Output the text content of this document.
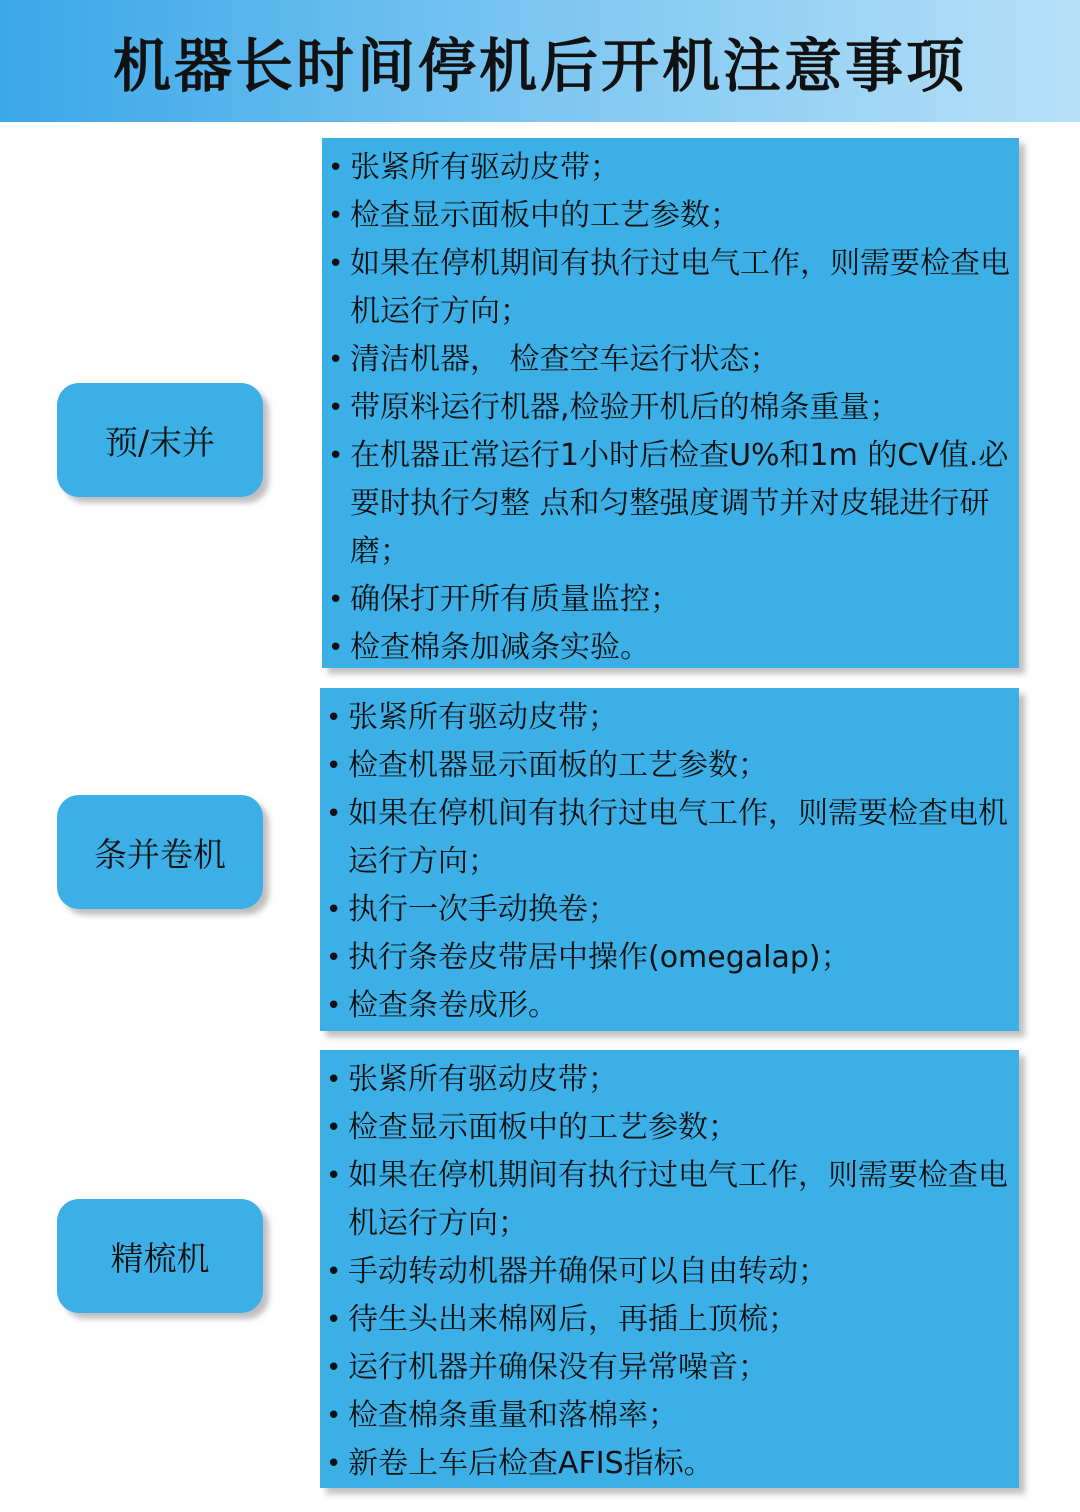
机器长时间停机后开机注意事项
预/末并
• 张紧所有驱动皮带；
• 检查显示面板中的工艺参数；
• 如果在停机期间有执行过电气工作，则需要检查电机运行方向；
• 清洁机器， 检查空车运行状态；
• 带原料运行机器,检验开机后的棉条重量；
• 在机器正常运行1小时后检查U%和1m 的CV值.必要时执行匀整 点和匀整强度调节并对皮辊进行研磨；
• 确保打开所有质量监控；
• 检查棉条加减条实验。
条并卷机
• 张紧所有驱动皮带；
• 检查机器显示面板的工艺参数；
• 如果在停机间有执行过电气工作，则需要检查电机运行方向；
• 执行一次手动换卷；
• 执行条卷皮带居中操作(omegalap)；
• 检查条卷成形。
精梳机
• 张紧所有驱动皮带；
• 检查显示面板中的工艺参数；
• 如果在停机期间有执行过电气工作，则需要检查电机运行方向；
• 手动转动机器并确保可以自由转动；
• 待生头出来棉网后，再插上顶梳；
• 运行机器并确保没有异常噪音；
• 检查棉条重量和落棉率；
• 新卷上车后检查AFIS指标。
